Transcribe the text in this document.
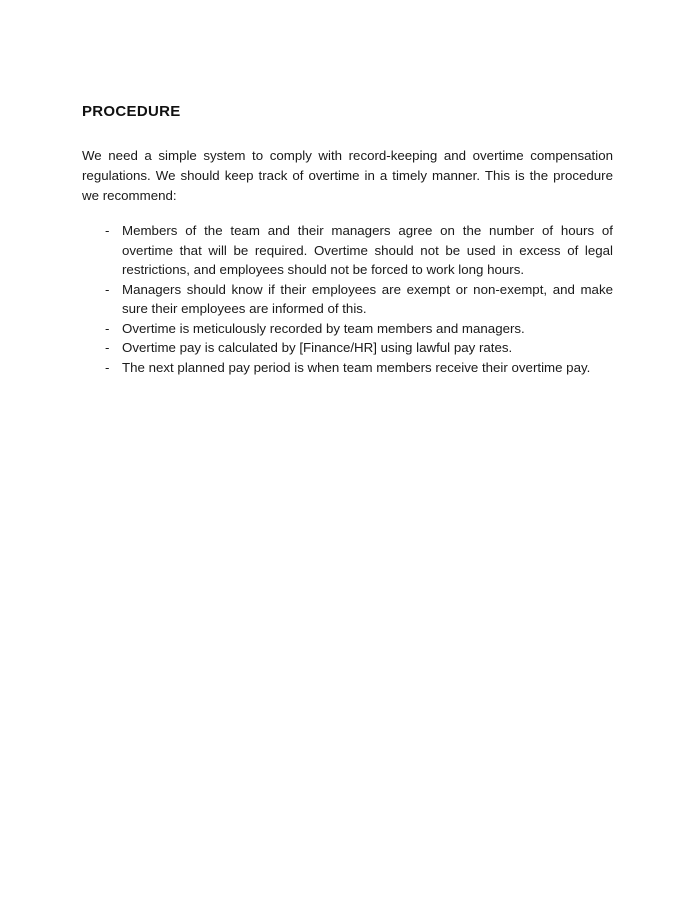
PROCEDURE

We need a simple system to comply with record-keeping and overtime compensation regulations. We should keep track of overtime in a timely manner. This is the procedure we recommend:

- Members of the team and their managers agree on the number of hours of overtime that will be required. Overtime should not be used in excess of legal restrictions, and employees should not be forced to work long hours.
- Managers should know if their employees are exempt or non-exempt, and make sure their employees are informed of this.
- Overtime is meticulously recorded by team members and managers.
- Overtime pay is calculated by [Finance/HR] using lawful pay rates.
- The next planned pay period is when team members receive their overtime pay.
